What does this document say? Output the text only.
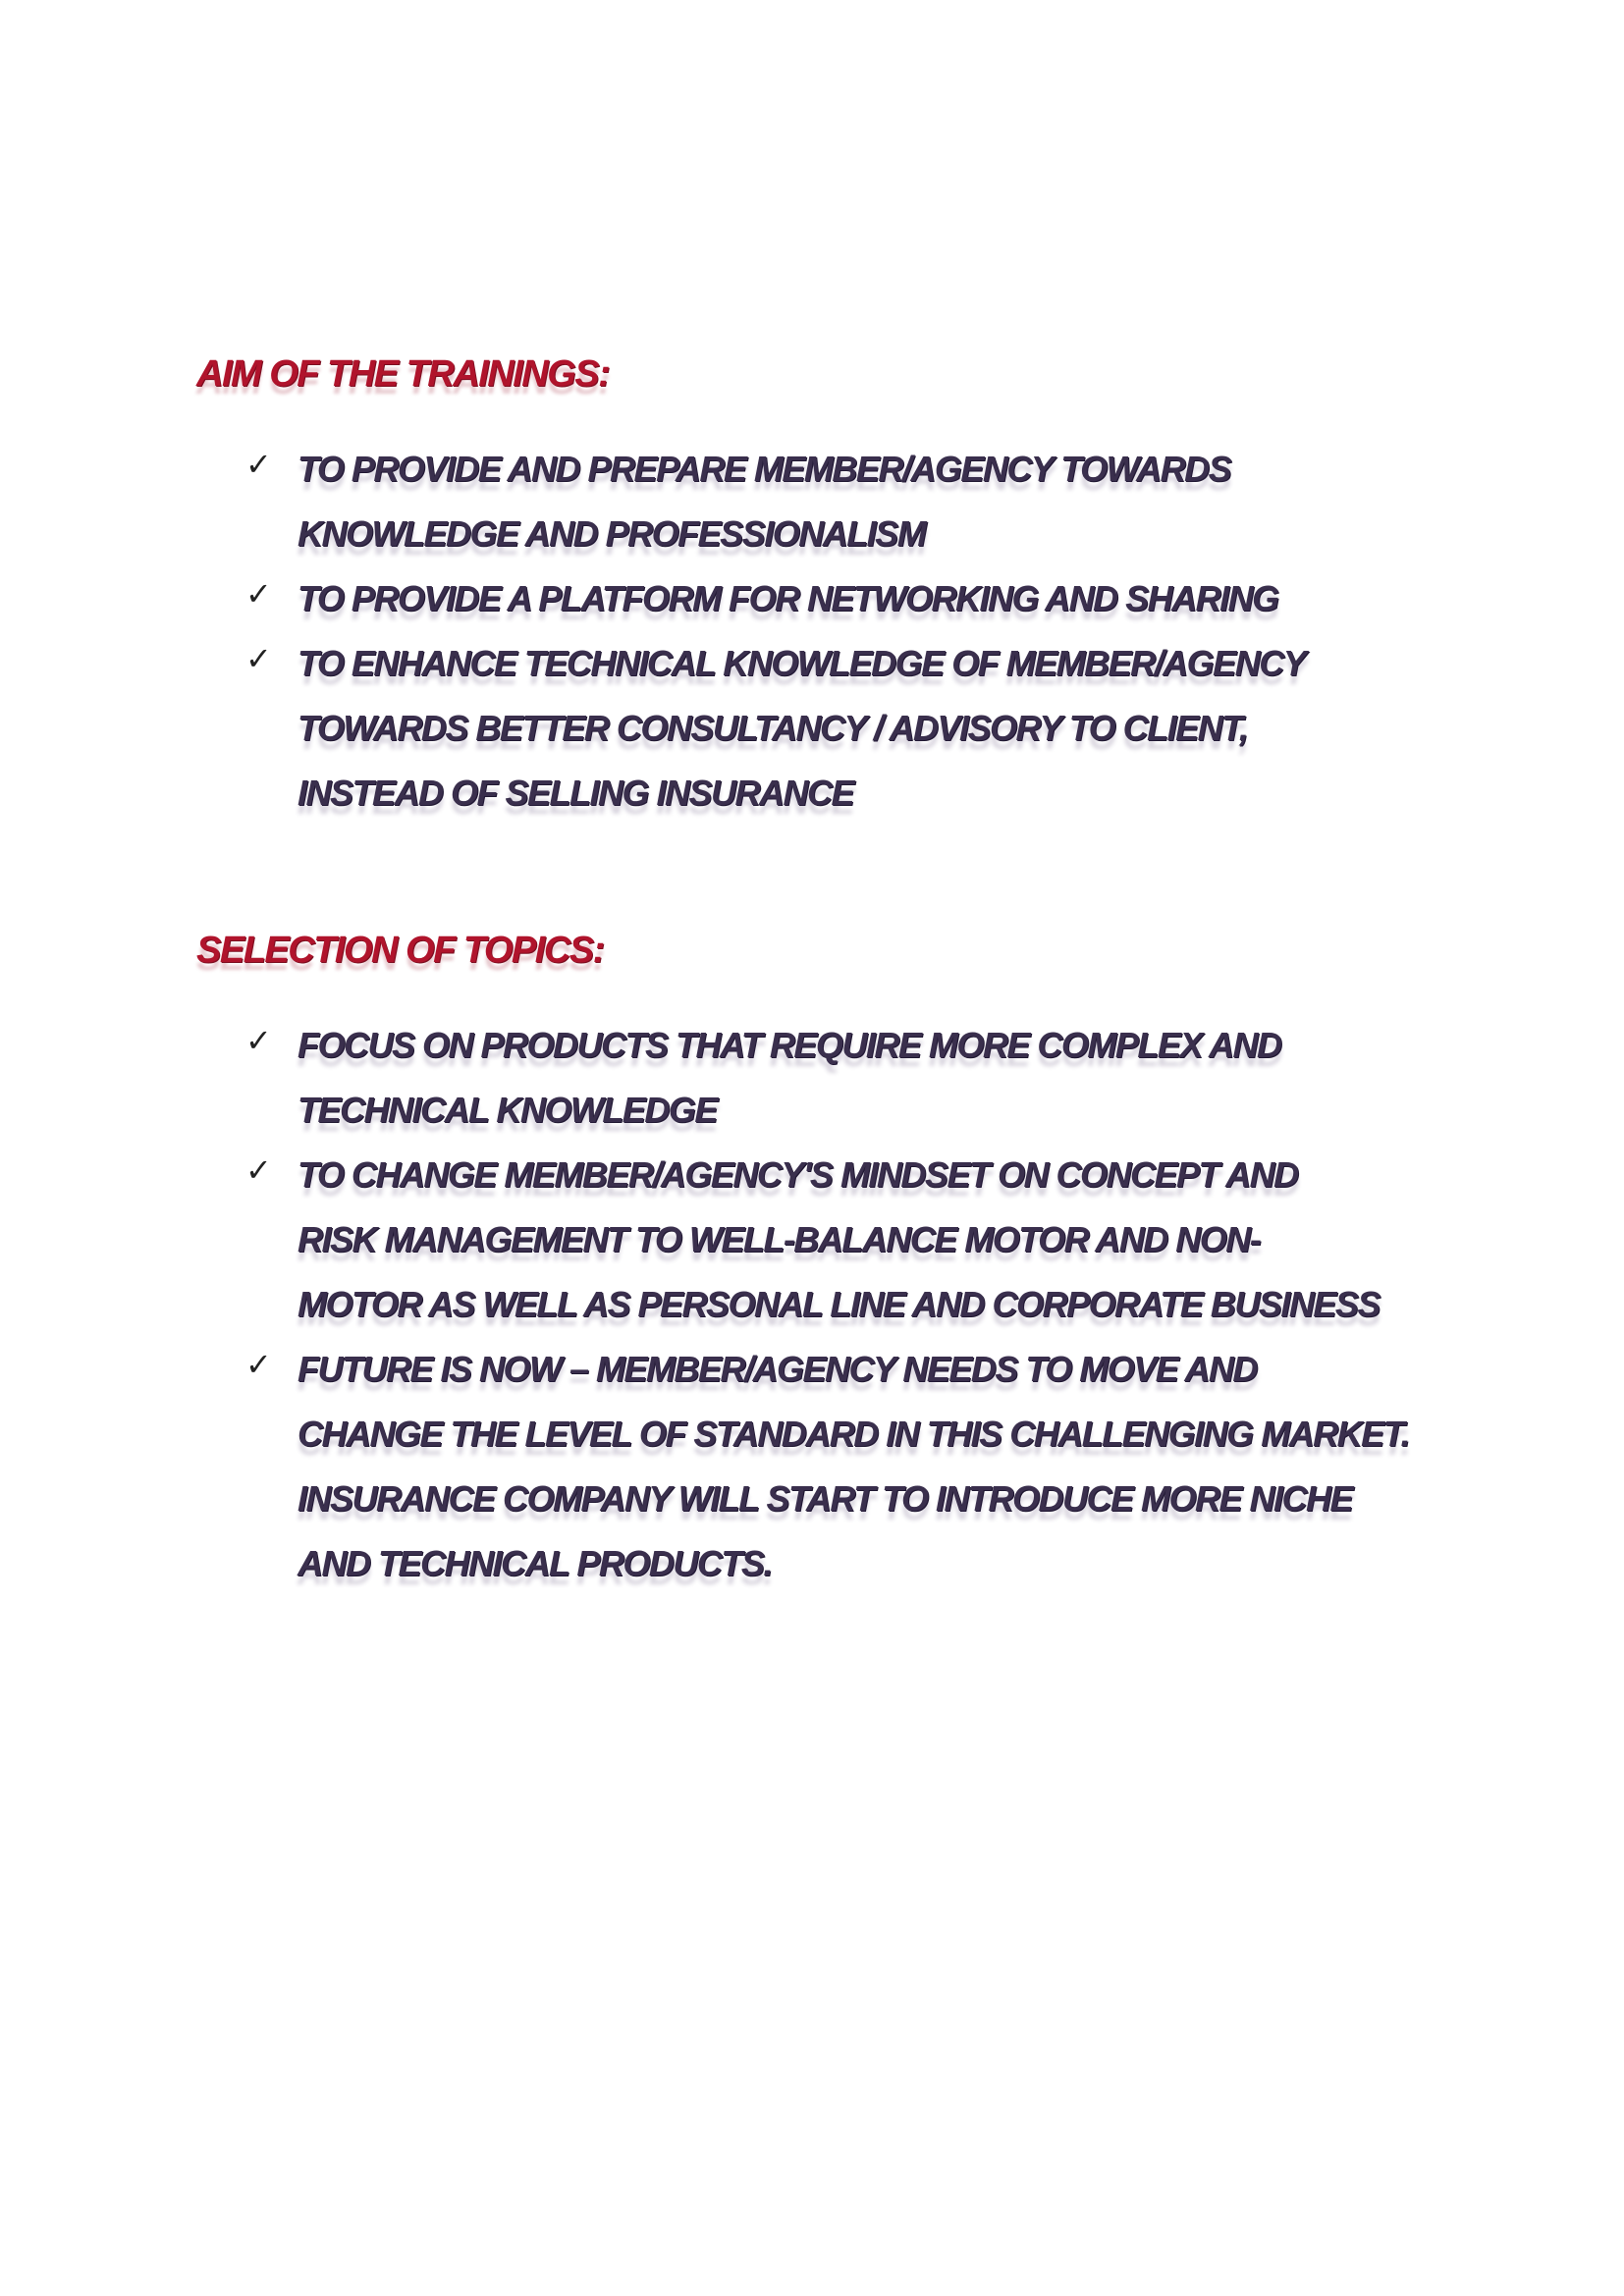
AIM OF THE TRAININGS:
✓ TO PROVIDE AND PREPARE MEMBER/AGENCY TOWARDS
KNOWLEDGE AND PROFESSIONALISM
✓ TO PROVIDE A PLATFORM FOR NETWORKING AND SHARING
✓ TO ENHANCE TECHNICAL KNOWLEDGE OF MEMBER/AGENCY
TOWARDS BETTER CONSULTANCY / ADVISORY TO CLIENT,
INSTEAD OF SELLING INSURANCE
SELECTION OF TOPICS:
✓ FOCUS ON PRODUCTS THAT REQUIRE MORE COMPLEX AND
TECHNICAL KNOWLEDGE
✓ TO CHANGE MEMBER/AGENCY'S MINDSET ON CONCEPT AND
RISK MANAGEMENT TO WELL-BALANCE MOTOR AND NON-
MOTOR AS WELL AS PERSONAL LINE AND CORPORATE BUSINESS
✓ FUTURE IS NOW – MEMBER/AGENCY NEEDS TO MOVE AND
CHANGE THE LEVEL OF STANDARD IN THIS CHALLENGING MARKET.
INSURANCE COMPANY WILL START TO INTRODUCE MORE NICHE
AND TECHNICAL PRODUCTS.
